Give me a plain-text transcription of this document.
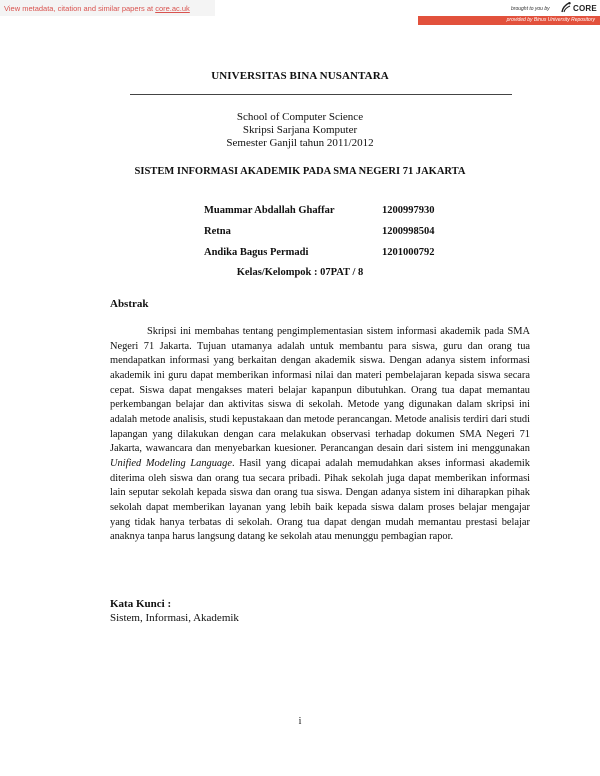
View metadata, citation and similar papers at core.ac.uk	brought to you by	CORE
provided by Binus University Repository
UNIVERSITAS BINA NUSANTARA
School of Computer Science
Skripsi Sarjana Komputer
Semester Ganjil tahun 2011/2012
SISTEM INFORMASI AKADEMIK PADA SMA NEGERI 71 JAKARTA
Muammar Abdallah Ghaffar	1200997930
Retna	1200998504
Andika Bagus Permadi	1201000792
Kelas/Kelompok : 07PAT / 8
Abstrak
Skripsi ini membahas tentang pengimplementasian sistem informasi akademik pada SMA Negeri 71 Jakarta. Tujuan utamanya adalah untuk membantu para siswa, guru dan orang tua mendapatkan informasi yang berkaitan dengan akademik siswa. Dengan adanya sistem informasi akademik ini guru dapat memberikan informasi nilai dan materi pembelajaran kepada siswa secara cepat. Siswa dapat mengakses materi belajar kapanpun dibutuhkan. Orang tua dapat memantau perkembangan belajar dan aktivitas siswa di sekolah. Metode yang digunakan dalam skripsi ini adalah metode analisis, studi kepustakaan dan metode perancangan. Metode analisis terdiri dari studi lapangan yang dilakukan dengan cara melakukan observasi terhadap dokumen SMA Negeri 71 Jakarta, wawancara dan menyebarkan kuesioner. Perancangan desain dari sistem ini menggunakan Unified Modeling Language. Hasil yang dicapai adalah memudahkan akses informasi akademik diterima oleh siswa dan orang tua secara pribadi. Pihak sekolah juga dapat memberikan informasi lain seputar sekolah kepada siswa dan orang tua siswa. Dengan adanya sistem ini diharapkan pihak sekolah dapat memberikan layanan yang lebih baik kepada siswa dalam proses belajar mengajar yang tidak hanya terbatas di sekolah. Orang tua dapat dengan mudah memantau prestasi belajar anaknya tanpa harus langsung datang ke sekolah atau menunggu pembagian rapor.
Kata Kunci :
Sistem, Informasi, Akademik
i
